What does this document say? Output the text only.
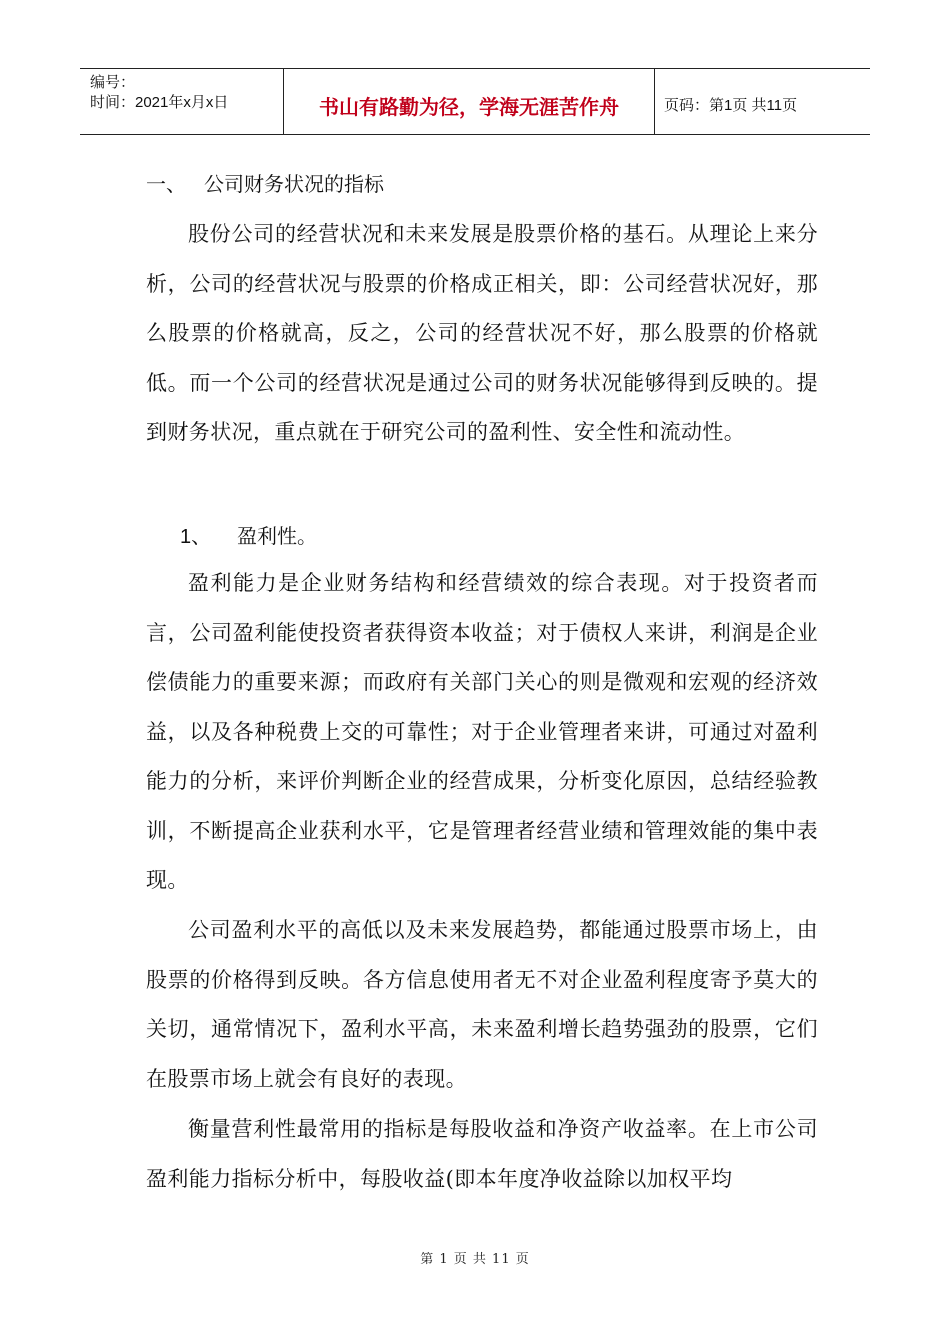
编号：
时间：2021年x月x日	书山有路勤为径，学海无涯苦作舟	页码：第1页 共11页
一、 公司财务状况的指标
股份公司的经营状况和未来发展是股票价格的基石。从理论上来分析，公司的经营状况与股票的价格成正相关，即：公司经营状况好，那么股票的价格就高，反之，公司的经营状况不好，那么股票的价格就低。而一个公司的经营状况是通过公司的财务状况能够得到反映的。提到财务状况，重点就在于研究公司的盈利性、安全性和流动性。
1、 盈利性。
盈利能力是企业财务结构和经营绩效的综合表现。对于投资者而言，公司盈利能使投资者获得资本收益；对于债权人来讲，利润是企业偿债能力的重要来源；而政府有关部门关心的则是微观和宏观的经济效益，以及各种税费上交的可靠性；对于企业管理者来讲，可通过对盈利能力的分析，来评价判断企业的经营成果，分析变化原因，总结经验教训，不断提高企业获利水平，它是管理者经营业绩和管理效能的集中表现。
公司盈利水平的高低以及未来发展趋势，都能通过股票市场上，由股票的价格得到反映。各方信息使用者无不对企业盈利程度寄予莫大的关切，通常情况下，盈利水平高，未来盈利增长趋势强劲的股票，它们在股票市场上就会有良好的表现。
衡量营利性最常用的指标是每股收益和净资产收益率。在上市公司盈利能力指标分析中，每股收益(即本年度净收益除以加权平均
第 1 页 共 11 页
